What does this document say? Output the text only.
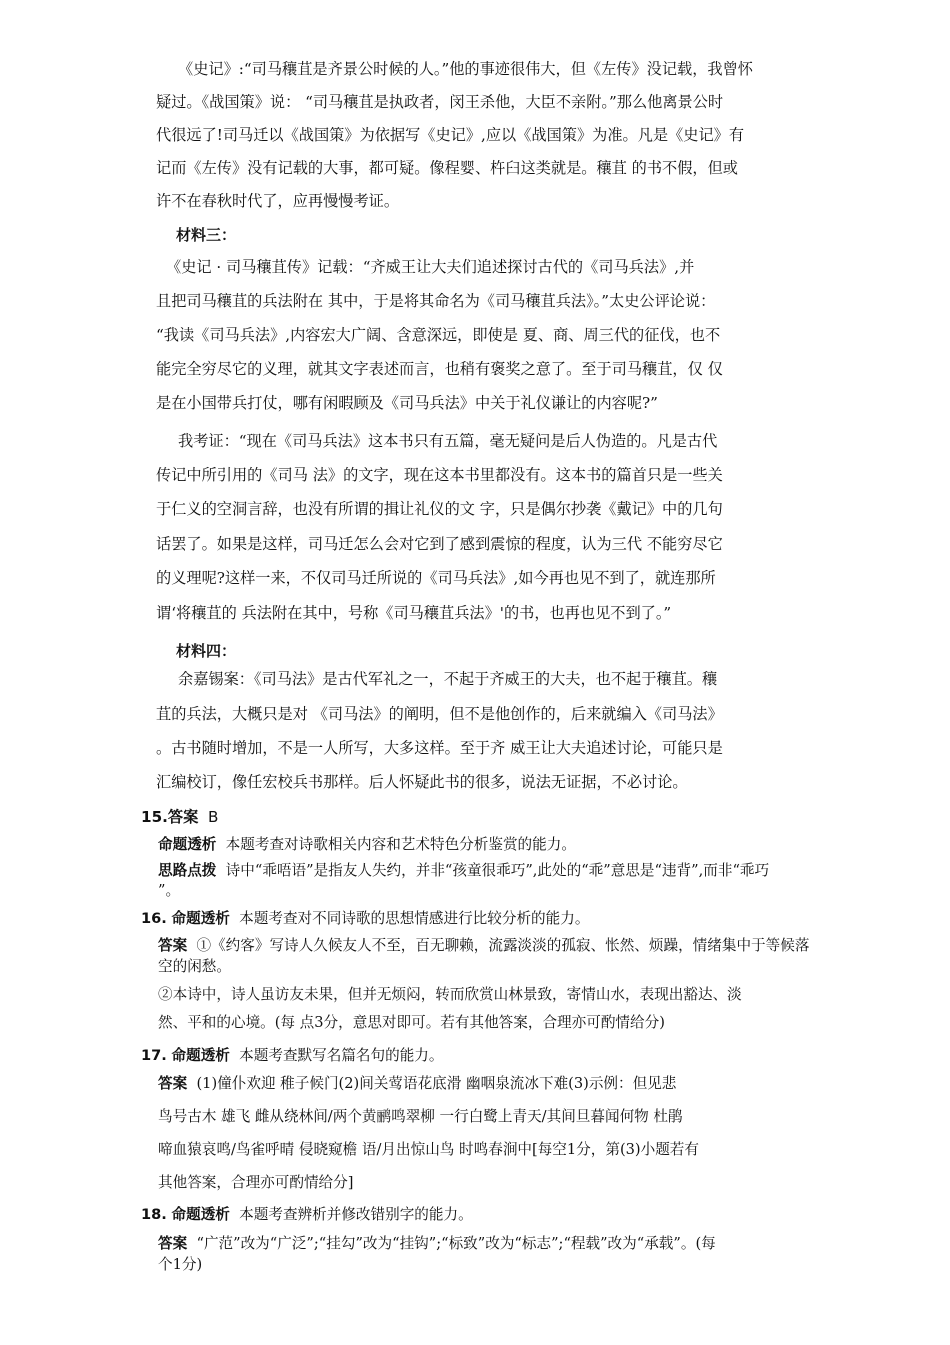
《史记》:“司马穰苴是齐景公时候的人。”他的事迹很伟大，但《左传》没记载，我曾怀
疑过。《战国策》说： “司马穰苴是执政者，闵王杀他，大臣不亲附。”那么他离景公时
代很远了!司马迁以《战国策》为依据写《史记》,应以《战国策》为准。凡是《史记》有
记而《左传》没有记载的大事，都可疑。像程婴、杵臼这类就是。穰苴 的书不假，但或
许不在春秋时代了，应再慢慢考证。
材料三：
《史记 · 司马穰苴传》记载：“齐威王让大夫们追述探讨古代的《司马兵法》,并
且把司马穰苴的兵法附在 其中，于是将其命名为《司马穰苴兵法》。”太史公评论说：
“我读《司马兵法》,内容宏大广阔、含意深远，即使是 夏、商、周三代的征伐，也不
能完全穷尽它的义理，就其文字表述而言，也稍有褒奖之意了。至于司马穰苴，仅 仅
是在小国带兵打仗，哪有闲暇顾及《司马兵法》中关于礼仪谦让的内容呢?”
我考证：“现在《司马兵法》这本书只有五篇，毫无疑问是后人伪造的。凡是古代
传记中所引用的《司马 法》的文字，现在这本书里都没有。这本书的篇首只是一些关
于仁义的空洞言辞，也没有所谓的揖让礼仪的文 字，只是偶尔抄袭《戴记》中的几句
话罢了。如果是这样，司马迁怎么会对它到了感到震惊的程度，认为三代 不能穷尽它
的义理呢?这样一来，不仅司马迁所说的《司马兵法》,如今再也见不到了，就连那所
谓‘将穰苴的 兵法附在其中，号称《司马穰苴兵法》'的书，也再也见不到了。”
材料四：
余嘉锡案：《司马法》是古代军礼之一，不起于齐威王的大夫，也不起于穰苴。穰
苴的兵法，大概只是对 《司马法》的阐明，但不是他创作的，后来就编入《司马法》
。古书随时增加，不是一人所写，大多这样。至于齐 威王让大夫追述讨论，可能只是
汇编校订，像任宏校兵书那样。后人怀疑此书的很多，说法无证据，不必讨论。
15.答案 B
命题透析 本题考查对诗歌相关内容和艺术特色分析鉴赏的能力。
思路点拨 诗中“乖唔语”是指友人失约，并非“孩童很乖巧”,此处的“乖”意思是“违背”,而非“乖巧
”。
16. 命题透析 本题考查对不同诗歌的思想情感进行比较分析的能力。
答案 ①《约客》写诗人久候友人不至，百无聊赖，流露淡淡的孤寂、怅然、烦躁，情绪集中于等候落
空的闲愁。
②本诗中，诗人虽访友未果，但并无烦闷，转而欣赏山林景致，寄情山水，表现出豁达、淡
然、平和的心境。(每 点3分，意思对即可。若有其他答案，合理亦可酌情给分)
17. 命题透析 本题考查默写名篇名句的能力。
答案 (1)僮仆欢迎 稚子候门(2)间关莺语花底滑 幽咽泉流冰下难(3)示例：但见悲
鸟号古木 雄飞 雌从绕林间/两个黄鹂鸣翠柳 一行白鹭上青天/其间旦暮闻何物 杜鹃
啼血猿哀鸣/鸟雀呼晴 侵晓窥檐 语/月出惊山鸟 时鸣春涧中[每空1分，第(3)小题若有
其他答案，合理亦可酌情给分]
18. 命题透析 本题考查辨析并修改错别字的能力。
答案 “广范”改为“广泛”;“挂勾”改为“挂钩”;“标致”改为“标志”;“程载”改为“承载”。(每
个1分)
